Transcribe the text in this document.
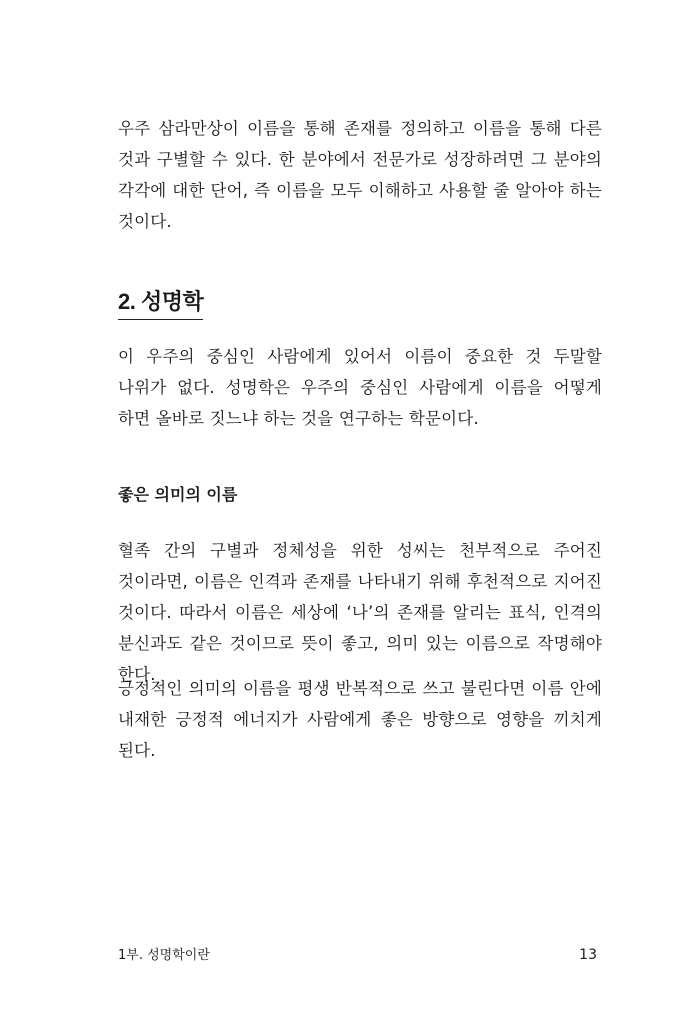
우주 삼라만상이 이름을 통해 존재를 정의하고 이름을 통해 다른 것과 구별할 수 있다. 한 분야에서 전문가로 성장하려면 그 분야의 각각에 대한 단어, 즉 이름을 모두 이해하고 사용할 줄 알아야 하는 것이다.

2. 성명학

이 우주의 중심인 사람에게 있어서 이름이 중요한 것 두말할 나위가 없다. 성명학은 우주의 중심인 사람에게 이름을 어떻게 하면 올바로 짓느냐 하는 것을 연구하는 학문이다.

좋은 의미의 이름

혈족 간의 구별과 정체성을 위한 성씨는 천부적으로 주어진 것이라면, 이름은 인격과 존재를 나타내기 위해 후천적으로 지어진 것이다. 따라서 이름은 세상에 ‘나’의 존재를 알리는 표식, 인격의 분신과도 같은 것이므로 뜻이 좋고, 의미 있는 이름으로 작명해야 한다.

긍정적인 의미의 이름을 평생 반복적으로 쓰고 불린다면 이름 안에 내재한 긍정적 에너지가 사람에게 좋은 방향으로 영향을 끼치게 된다.

1부. 성명학이란	13
